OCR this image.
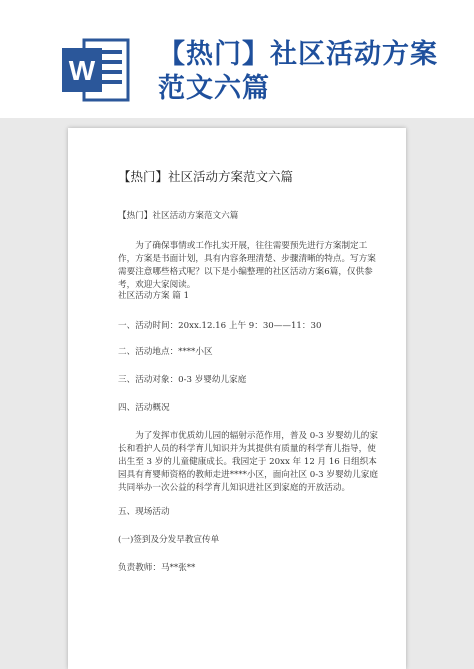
W
【热门】社区活动方案
范文六篇
【热门】社区活动方案范文六篇
【热门】社区活动方案范文六篇
为了确保事情或工作扎实开展，往往需要预先进行方案制定工作，方案是书面计划，具有内容条理清楚、步骤清晰的特点。写方案需要注意哪些格式呢？以下是小编整理的社区活动方案6篇，仅供参考，欢迎大家阅读。
社区活动方案 篇 1
一、活动时间：20xx.12.16 上午 9：30——11：30
二、活动地点：****小区
三、活动对象：0-3 岁婴幼儿家庭
四、活动概况
为了发挥市优质幼儿园的辐射示范作用，普及 0-3 岁婴幼儿的家长和看护人员的科学育儿知识并为其提供有质量的科学育儿指导，使出生至 3 岁的儿童健康成长。我园定于 20xx 年 12 月 16 日组织本园具有育婴师资格的教师走进****小区，面向社区 0-3 岁婴幼儿家庭共同举办一次公益的科学育儿知识进社区到家庭的开放活动。
五、现场活动
(一)签到及分发早教宣传单
负责教师：马**张**
